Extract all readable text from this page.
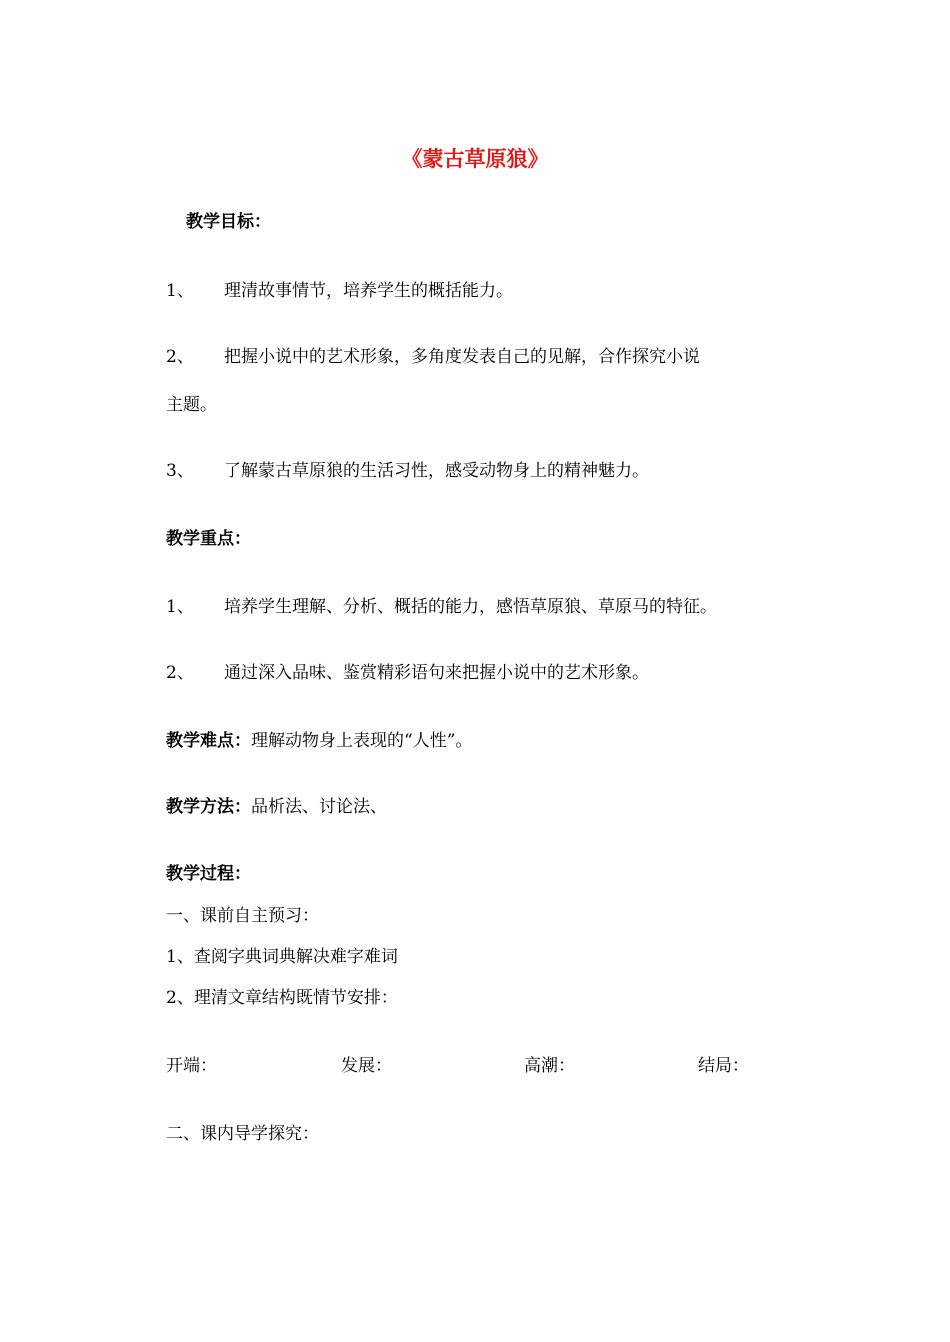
《蒙古草原狼》
教学目标：
1、 理清故事情节，培养学生的概括能力。
2、 把握小说中的艺术形象，多角度发表自己的见解，合作探究小说
主题。
3、 了解蒙古草原狼的生活习性，感受动物身上的精神魅力。
教学重点：
1、 培养学生理解、分析、概括的能力，感悟草原狼、草原马的特征。
2、 通过深入品味、鉴赏精彩语句来把握小说中的艺术形象。
教学难点：理解动物身上表现的“人性”。
教学方法：品析法、讨论法、
教学过程：
一、课前自主预习：
1、查阅字典词典解决难字难词
2、理清文章结构既情节安排：
开端：	发展：	高潮：	结局：
二、课内导学探究：
